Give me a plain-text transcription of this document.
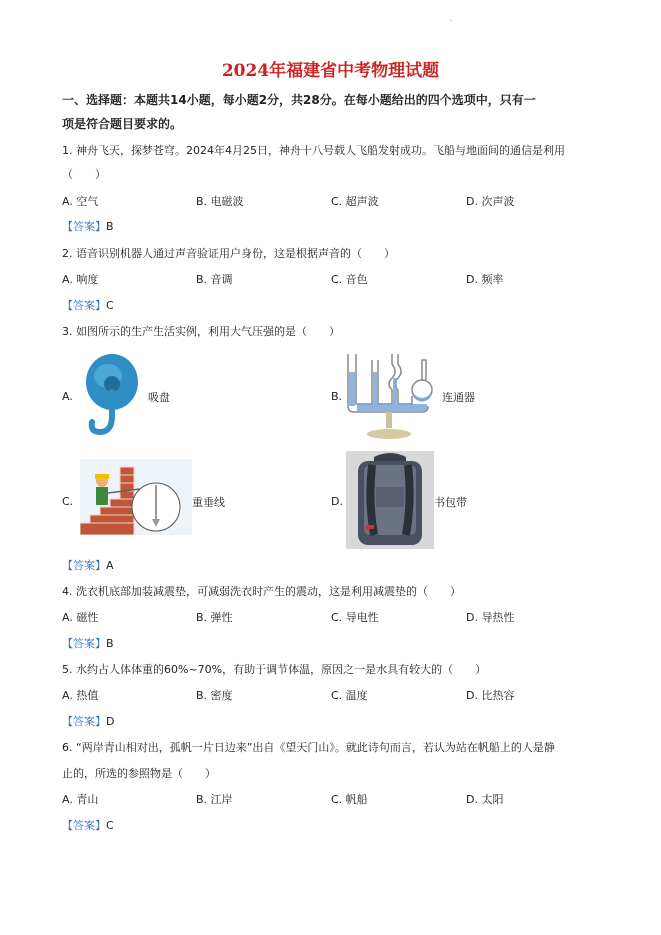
.
2024年福建省中考物理试题
一、选择题：本题共14小题，每小题2分，共28分。在每小题给出的四个选项中，只有一
项是符合题目要求的。
1. 神舟飞天，探梦苍穹。2024年4月25日，神舟十八号载人飞船发射成功。飞船与地面间的通信是利用
（　　）
A. 空气	B. 电磁波	C. 超声波	D. 次声波
【答案】B
2. 语音识别机器人通过声音验证用户身份，这是根据声音的（　　）
A. 响度	B. 音调	C. 音色	D. 频率
【答案】C
3. 如图所示的生产生活实例，利用大气压强的是（　　）
A.	吸盘	B.	连通器
C.	重垂线	D.	书包带
【答案】A
4. 洗衣机底部加装减震垫，可减弱洗衣时产生的震动，这是利用减震垫的（　　）
A. 磁性	B. 弹性	C. 导电性	D. 导热性
【答案】B
5. 水约占人体体重的60%~70%，有助于调节体温，原因之一是水具有较大的（　　）
A. 热值	B. 密度	C. 温度	D. 比热容
【答案】D
6. “两岸青山相对出，孤帆一片日边来”出自《望天门山》。就此诗句而言，若认为站在帆船上的人是静
止的，所选的参照物是（　　）
A. 青山	B. 江岸	C. 帆船	D. 太阳
【答案】C
